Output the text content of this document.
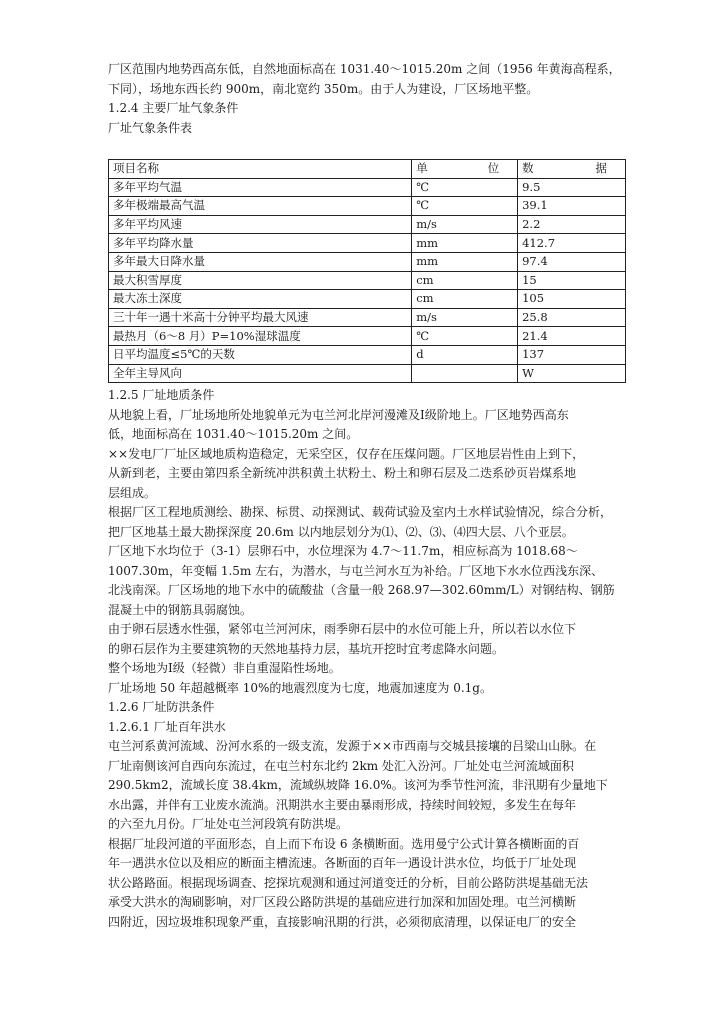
厂区范围内地势西高东低，自然地面标高在 1031.40～1015.20m 之间（1956 年黄海高程系，

下同），场地东西长约 900m，南北宽约 350m。由于人为建设，厂区场地平整。

1.2.4 主要厂址气象条件

厂址气象条件表

项目名称	单 位	数 据

多年平均气温	℃	9.5
多年极端最高气温	℃	39.1
多年平均风速	m/s	2.2
多年平均降水量	mm	412.7
多年最大日降水量	mm	97.4
最大积雪厚度	cm	15
最大冻土深度	cm	105
三十年一遇十米高十分钟平均最大风速	m/s	25.8
最热月（6～8 月）P=10%湿球温度	℃	21.4
日平均温度≤5℃的天数	d	137
全年主导风向		W

1.2.5 厂址地质条件

从地貌上看，厂址场地所处地貌单元为屯兰河北岸河漫滩及Ⅰ级阶地上。厂区地势西高东

低，地面标高在 1031.40～1015.20m 之间。

××发电厂厂址区域地质构造稳定，无采空区，仅存在压煤问题。厂区地层岩性由上到下，

从新到老，主要由第四系全新统冲洪积黄土状粉土、粉土和卵石层及二迭系砂页岩煤系地

层组成。

根据厂区工程地质测绘、勘探、标贯、动探测试、载荷试验及室内土水样试验情况，综合分析，

把厂区地基土最大勘探深度 20.6m 以内地层划分为⑴、⑵、⑶、⑷四大层、八个亚层。

厂区地下水均位于（3-1）层卵石中，水位埋深为 4.7～11.7m，相应标高为 1018.68～

1007.30m，年变幅 1.5m 左右，为潜水，与屯兰河水互为补给。厂区地下水水位西浅东深、

北浅南深。厂区场地的地下水中的硫酸盐（含量一般 268.97—302.60mm/L）对钢结构、钢筋

混凝土中的钢筋具弱腐蚀。

由于卵石层透水性强，紧邻屯兰河河床，雨季卵石层中的水位可能上升，所以若以水位下

的卵石层作为主要建筑物的天然地基持力层，基坑开挖时宜考虑降水问题。

整个场地为Ⅰ级（轻微）非自重湿陷性场地。

厂址场地 50 年超越概率 10%的地震烈度为七度，地震加速度为 0.1g。

1.2.6 厂址防洪条件

1.2.6.1 厂址百年洪水

屯兰河系黄河流域、汾河水系的一级支流，发源于××市西南与交城县接壤的吕梁山山脉。在

厂址南侧该河自西向东流过，在屯兰村东北约 2km 处汇入汾河。厂址处屯兰河流域面积

290.5km2，流域长度 38.4km，流域纵坡降 16.0%。该河为季节性河流，非汛期有少量地下

水出露，并伴有工业废水流淌。汛期洪水主要由暴雨形成，持续时间较短，多发生在每年

的六至九月份。厂址处屯兰河段筑有防洪堤。

根据厂址段河道的平面形态，自上而下布设 6 条横断面。选用曼宁公式计算各横断面的百

年一遇洪水位以及相应的断面主槽流速。各断面的百年一遇设计洪水位，均低于厂址处现

状公路路面。根据现场调查、挖探坑观测和通过河道变迁的分析，目前公路防洪堤基础无法

承受大洪水的淘刷影响，对厂区段公路防洪堤的基础应进行加深和加固处理。屯兰河横断

四附近，因垃圾堆积现象严重，直接影响汛期的行洪，必须彻底清理，以保证电厂的安全
